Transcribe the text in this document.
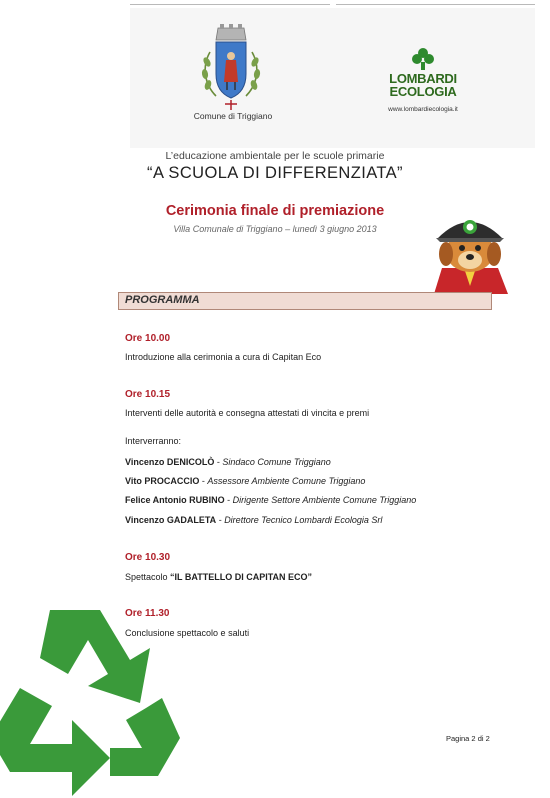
Comune di Triggiano
LOMBARDI
ECOLOGIA
www.lombardiecologia.it
L’educazione ambientale per le scuole primarie
“A SCUOLA DI DIFFERENZIATA”
Cerimonia finale di premiazione
Villa Comunale di Triggiano – lunedì 3 giugno 2013
PROGRAMMA
Ore 10.00
Introduzione alla cerimonia a cura di Capitan Eco
Ore 10.15
Interventi delle autorità e consegna attestati di vincita e premi
Interverranno:
Vincenzo DENICOLÒ - Sindaco Comune Triggiano
Vito PROCACCIO - Assessore Ambiente Comune Triggiano
Felice Antonio RUBINO - Dirigente Settore Ambiente Comune Triggiano
Vincenzo GADALETA - Direttore Tecnico Lombardi Ecologia Srl
Ore 10.30
Spettacolo “IL BATTELLO DI CAPITAN ECO”
Ore 11.30
Conclusione spettacolo e saluti
Pagina 2 di 2
